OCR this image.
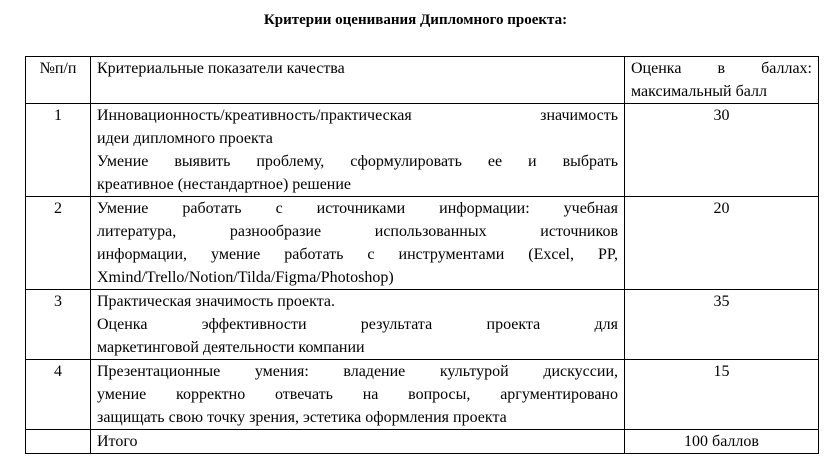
Критерии оценивания Дипломного проекта:
№п/п	Критериальные показатели качества	Оценка в баллах:
максимальный балл

1	Инновационность/креативность/практическая значимость
идеи дипломного проекта
Умение выявить проблему, сформулировать ее и выбрать
креативное (нестандартное) решение	30
2	Умение работать с источниками информации: учебная
литература, разнообразие использованных источников
информации, умение работать с инструментами (Excel, PP,
Xmind/Trello/Notion/Tilda/Figma/Photoshop)	20
3	Практическая значимость проекта.
Оценка эффективности результата проекта для
маркетинговой деятельности компании	35
4	Презентационные умения: владение культурой дискуссии,
умение корректно отвечать на вопросы, аргументировано
защищать свою точку зрения, эстетика оформления проекта	15
	Итого	100 баллов
